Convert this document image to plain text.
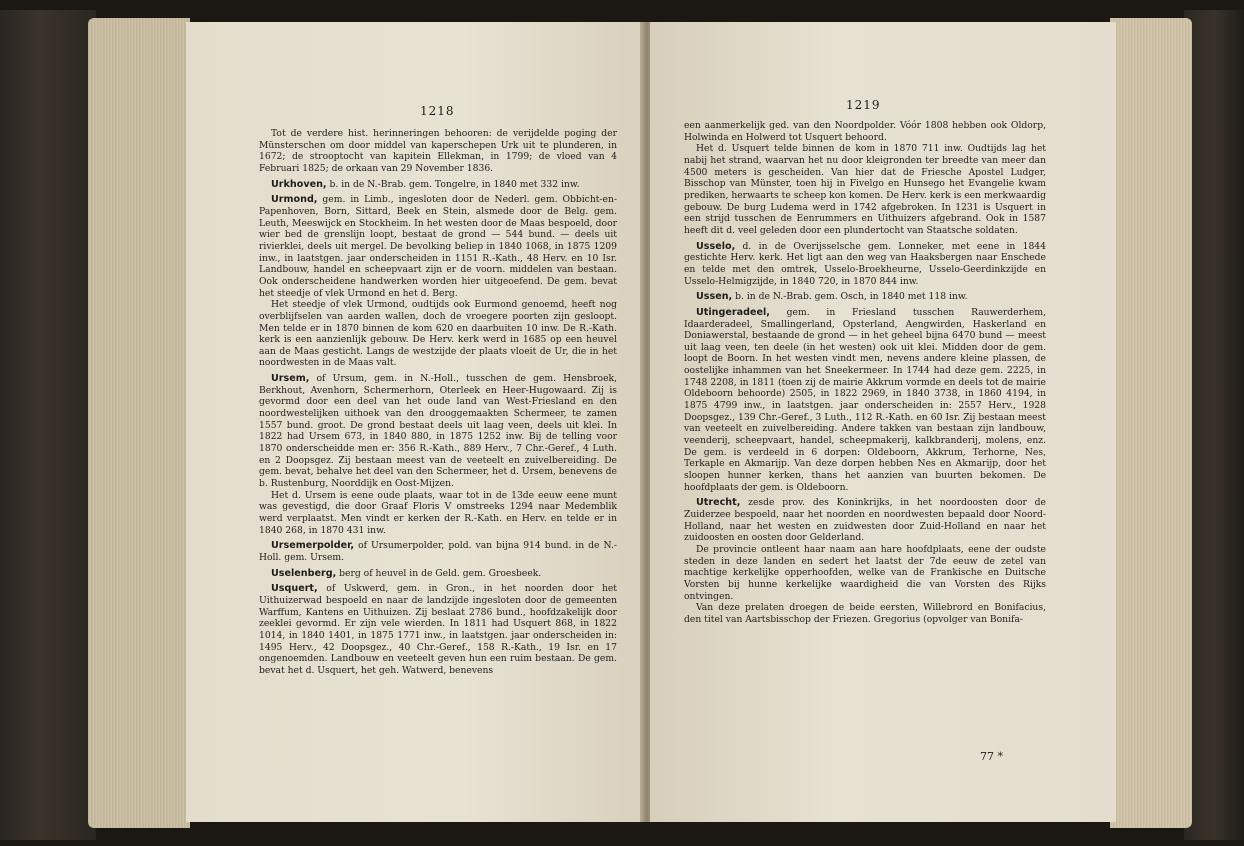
1218

Tot de verdere hist. herinneringen behooren: de verijdelde poging der Münsterschen om door middel van kaperschepen Urk uit te plunderen, in 1672; de strooptocht van kapitein Ellekman, in 1799; de vloed van 4 Februari 1825; de orkaan van 29 November 1836.

Urkhoven, b. in de N.-Brab. gem. Tongelre, in 1840 met 332 inw.

Urmond, gem. in Limb., ingesloten door de Nederl. gem. Obbicht-en-Papenhoven, Born, Sittard, Beek en Stein, alsmede door de Belg. gem. Leuth, Meeswijck en Stockheim. In het westen door de Maas bespoeld, door wier bed de grenslijn loopt, bestaat de grond — 544 bund. — deels uit rivierklei, deels uit mergel. De bevolking beliep in 1840 1068, in 1875 1209 inw., in laatstgen. jaar onderscheiden in 1151 R.-Kath., 48 Herv. en 10 Isr. Landbouw, handel en scheepvaart zijn er de voorn. middelen van bestaan. Ook onderscheidene handwerken worden hier uitgeoefend. De gem. bevat het steedje of vlek Urmond en het d. Berg.

Het steedje of vlek Urmond, oudtijds ook Eurmond genoemd, heeft nog overblijfselen van aarden wallen, doch de vroegere poorten zijn gesloopt. Men telde er in 1870 binnen de kom 620 en daarbuiten 10 inw. De R.-Kath. kerk is een aanzienlijk gebouw. De Herv. kerk werd in 1685 op een heuvel aan de Maas gesticht. Langs de westzijde der plaats vloeit de Ur, die in het noordwesten in de Maas valt.

Ursem, of Ursum, gem. in N.-Holl., tusschen de gem. Hensbroek, Berkhout, Avenhorn, Schermerhorn, Oterleek en Heer-Hugowaard. Zij is gevormd door een deel van het oude land van West-Friesland en den noordwestelijken uithoek van den drooggemaakten Schermeer, te zamen 1557 bund. groot. De grond bestaat deels uit laag veen, deels uit klei. In 1822 had Ursem 673, in 1840 880, in 1875 1252 inw. Bij de telling voor 1870 onderscheidde men er: 356 R.-Kath., 889 Herv., 7 Chr.-Geref., 4 Luth. en 2 Doopsgez. Zij bestaan meest van de veeteelt en zuivelbereiding. De gem. bevat, behalve het deel van den Schermeer, het d. Ursem, benevens de b. Rustenburg, Noorddijk en Oost-Mijzen.

Het d. Ursem is eene oude plaats, waar tot in de 13de eeuw eene munt was gevestigd, die door Graaf Floris V omstreeks 1294 naar Medemblik werd verplaatst. Men vindt er kerken der R.-Kath. en Herv. en telde er in 1840 268, in 1870 431 inw.

Ursemerpolder, of Ursumerpolder, pold. van bijna 914 bund. in de N.-Holl. gem. Ursem.

Uselenberg, berg of heuvel in de Geld. gem. Groesbeek.

Usquert, of Uskwerd, gem. in Gron., in het noorden door het Uithuizerwad bespoeld en naar de landzijde ingesloten door de gemeenten Warffum, Kantens en Uithuizen. Zij beslaat 2786 bund., hoofdzakelijk door zeeklei gevormd. Er zijn vele wierden. In 1811 had Usquert 868, in 1822 1014, in 1840 1401, in 1875 1771 inw., in laatstgen. jaar onderscheiden in: 1495 Herv., 42 Doopsgez., 40 Chr.-Geref., 158 R.-Kath., 19 Isr. en 17 ongenoemden. Landbouw en veeteelt geven hun een ruim bestaan. De gem. bevat het d. Usquert, het geh. Watwerd, benevens

1219

een aanmerkelijk ged. van den Noordpolder. Vóór 1808 hebben ook Oldorp, Holwinda en Holwerd tot Usquert behoord.

Het d. Usquert telde binnen de kom in 1870 711 inw. Oudtijds lag het nabij het strand, waarvan het nu door kleigronden ter breedte van meer dan 4500 meters is gescheiden. Van hier dat de Friesche Apostel Ludger, Bisschop van Münster, toen hij in Fivelgo en Hunsego het Evangelie kwam prediken, herwaarts te scheep kon komen. De Herv. kerk is een merkwaardig gebouw. De burg Ludema werd in 1742 afgebroken. In 1231 is Usquert in een strijd tusschen de Eenrummers en Uithuizers afgebrand. Ook in 1587 heeft dit d. veel geleden door een plundertocht van Staatsche soldaten.

Usselo, d. in de Overijsselsche gem. Lonneker, met eene in 1844 gestichte Herv. kerk. Het ligt aan den weg van Haaksbergen naar Enschede en telde met den omtrek, Usselo-Broekheurne, Usselo-Geerdinkzijde en Usselo-Helmigzijde, in 1840 720, in 1870 844 inw.

Ussen, b. in de N.-Brab. gem. Osch, in 1840 met 118 inw.

Utingeradeel, gem. in Friesland tusschen Rauwerderhem, Idaarderadeel, Smallingerland, Opsterland, Aengwirden, Haskerland en Doniawerstal, bestaande de grond — in het geheel bijna 6470 bund — meest uit laag veen, ten deele (in het westen) ook uit klei. Midden door de gem. loopt de Boorn. In het westen vindt men, nevens andere kleine plassen, de oostelijke inhammen van het Sneekermeer. In 1744 had deze gem. 2225, in 1748 2208, in 1811 (toen zij de mairie Akkrum vormde en deels tot de mairie Oldeboorn behoorde) 2505, in 1822 2969, in 1840 3738, in 1860 4194, in 1875 4799 inw., in laatstgen. jaar onderscheiden in: 2557 Herv., 1928 Doopsgez., 139 Chr.-Geref., 3 Luth., 112 R.-Kath. en 60 Isr. Zij bestaan meest van veeteelt en zuivelbereiding. Andere takken van bestaan zijn landbouw, veenderij, scheepvaart, handel, scheepmakerij, kalkbranderij, molens, enz. De gem. is verdeeld in 6 dorpen: Oldeboorn, Akkrum, Terhorne, Nes, Terkaple en Akmarijp. Van deze dorpen hebben Nes en Akmarijp, door het sloopen hunner kerken, thans het aanzien van buurten bekomen. De hoofdplaats der gem. is Oldeboorn.

Utrecht, zesde prov. des Koninkrijks, in het noordoosten door de Zuiderzee bespoeld, naar het noorden en noordwesten bepaald door Noord-Holland, naar het westen en zuidwesten door Zuid-Holland en naar het zuidoosten en oosten door Gelderland.

De provincie ontleent haar naam aan hare hoofdplaats, eene der oudste steden in deze landen en sedert het laatst der 7de eeuw de zetel van machtige kerkelijke opperhoofden, welke van de Frankische en Duitsche Vorsten bij hunne kerkelijke waardigheid die van Vorsten des Rijks ontvingen.

Van deze prelaten droegen de beide eersten, Willebrord en Bonifacius, den titel van Aartsbisschop der Friezen. Gregorius (opvolger van Bonifa-

77 *
